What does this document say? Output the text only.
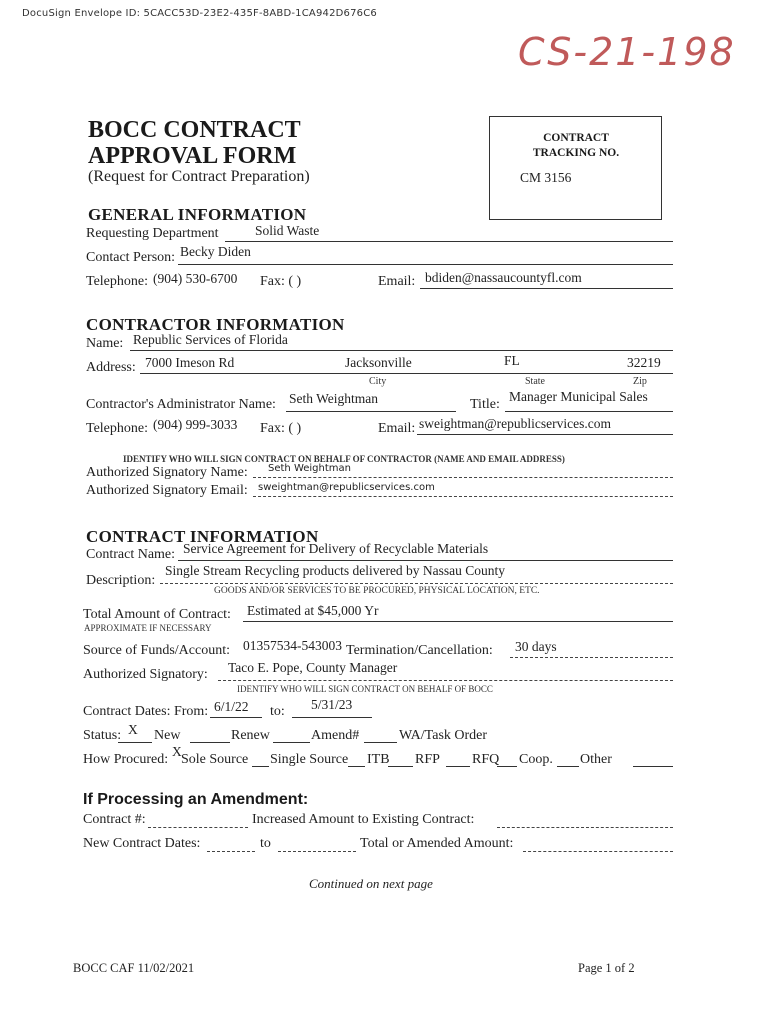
DocuSign Envelope ID: 5CACC53D-23E2-435F-8ABD-1CA942D676C6
CS-21-198
BOCC CONTRACT
APPROVAL FORM
(Request for Contract Preparation)
CONTRACT
TRACKING NO.
CM 3156
GENERAL INFORMATION
Requesting Department	Solid Waste
Contact Person: Becky Diden
Telephone: (904) 530-6700 Fax: ( )	Email: bdiden@nassaucountyfl.com
CONTRACTOR INFORMATION
Name: Republic Services of Florida
Address: 7000 Imeson Rd	Jacksonville	FL	32219
City	State	Zip
Contractor's Administrator Name: Seth Weightman	Title:
Manager Municipal Sales
Telephone: (904) 999-3033 Fax: ( )	Email: sweightman@republicservices.com
IDENTIFY WHO WILL SIGN CONTRACT ON BEHALF OF CONTRACTOR (NAME AND EMAIL ADDRESS)
Authorized Signatory Name: Seth Weightman
Authorized Signatory Email: sweightman@republicservices.com
CONTRACT INFORMATION
Contract Name: Service Agreement for Delivery of Recyclable Materials
Description:
Single Stream Recycling products delivered by Nassau County
GOODS AND/OR SERVICES TO BE PROCURED, PHYSICAL LOCATION, ETC.
Total Amount of Contract: Estimated at $45,000 Yr
APPROXIMATE IF NECESSARY
Source of Funds/Account: 01357534-543003 Termination/Cancellation: 30 days
Authorized Signatory: Taco E. Pope, County Manager
IDENTIFY WHO WILL SIGN CONTRACT ON BEHALF OF BOCC
Contract Dates: From: 6/1/22 to: 5/31/23
Status: X New	Renew	Amend#	WA/Task Order
How Procured:
X
Sole Source Single Source ITB RFP RFQ Coop. Other
If Processing an Amendment:
Contract #:	Increased Amount to Existing Contract:
New Contract Dates:	to	Total or Amended Amount:
Continued on next page
BOCC CAF 11/02/2021	Page 1 of 2
